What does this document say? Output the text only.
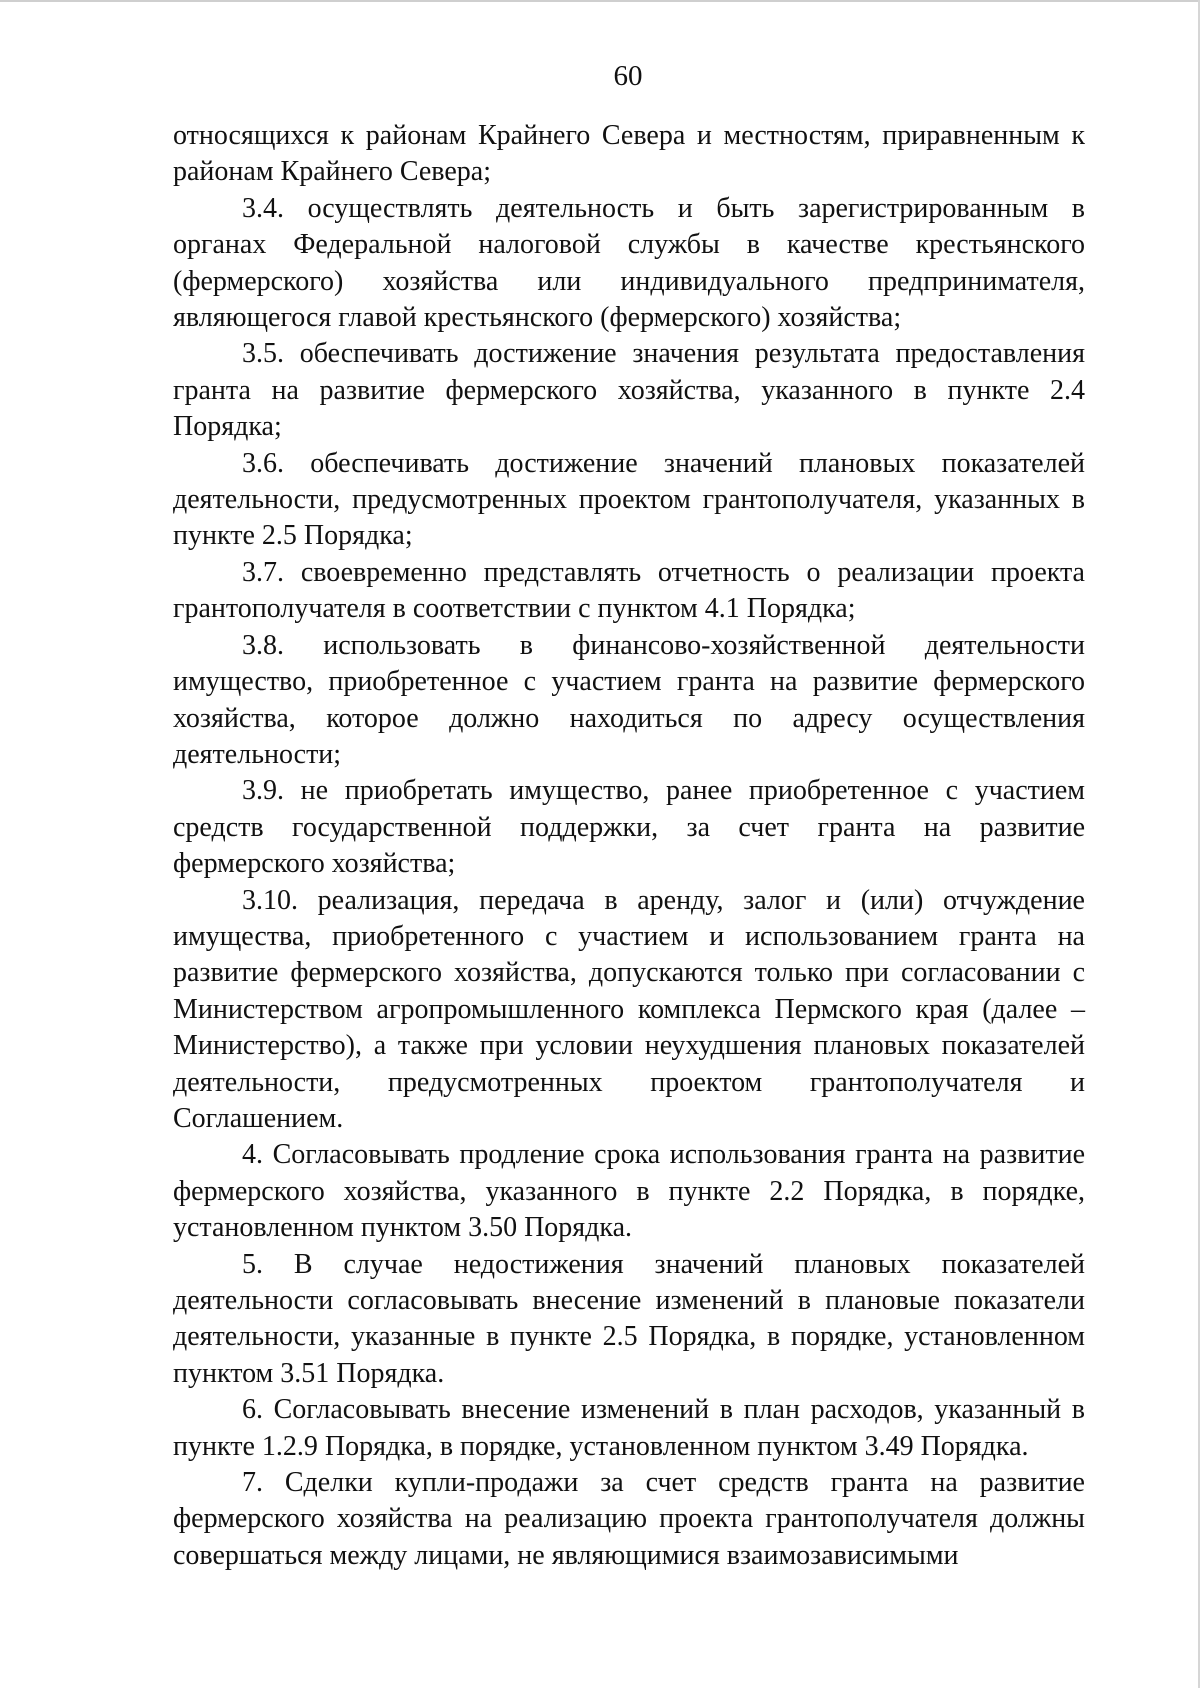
60

относящихся к районам Крайнего Севера и местностям, приравненным к районам Крайнего Севера;

3.4. осуществлять деятельность и быть зарегистрированным в органах Федеральной налоговой службы в качестве крестьянского (фермерского) хозяйства или индивидуального предпринимателя, являющегося главой крестьянского (фермерского) хозяйства;

3.5. обеспечивать достижение значения результата предоставления гранта на развитие фермерского хозяйства, указанного в пункте 2.4 Порядка;

3.6. обеспечивать достижение значений плановых показателей деятельности, предусмотренных проектом грантополучателя, указанных в пункте 2.5 Порядка;

3.7. своевременно представлять отчетность о реализации проекта грантополучателя в соответствии с пунктом 4.1 Порядка;

3.8. использовать в финансово-хозяйственной деятельности имущество, приобретенное с участием гранта на развитие фермерского хозяйства, которое должно находиться по адресу осуществления деятельности;

3.9. не приобретать имущество, ранее приобретенное с участием средств государственной поддержки, за счет гранта на развитие фермерского хозяйства;

3.10. реализация, передача в аренду, залог и (или) отчуждение имущества, приобретенного с участием и использованием гранта на развитие фермерского хозяйства, допускаются только при согласовании с Министерством агропромышленного комплекса Пермского края (далее – Министерство), а также при условии неухудшения плановых показателей деятельности, предусмотренных проектом грантополучателя и Соглашением.

4. Согласовывать продление срока использования гранта на развитие фермерского хозяйства, указанного в пункте 2.2 Порядка, в порядке, установленном пунктом 3.50 Порядка.

5. В случае недостижения значений плановых показателей деятельности согласовывать внесение изменений в плановые показатели деятельности, указанные в пункте 2.5 Порядка, в порядке, установленном пунктом 3.51 Порядка.

6. Согласовывать внесение изменений в план расходов, указанный в пункте 1.2.9 Порядка, в порядке, установленном пунктом 3.49 Порядка.

7. Сделки купли-продажи за счет средств гранта на развитие фермерского хозяйства на реализацию проекта грантополучателя должны совершаться между лицами, не являющимися взаимозависимыми
